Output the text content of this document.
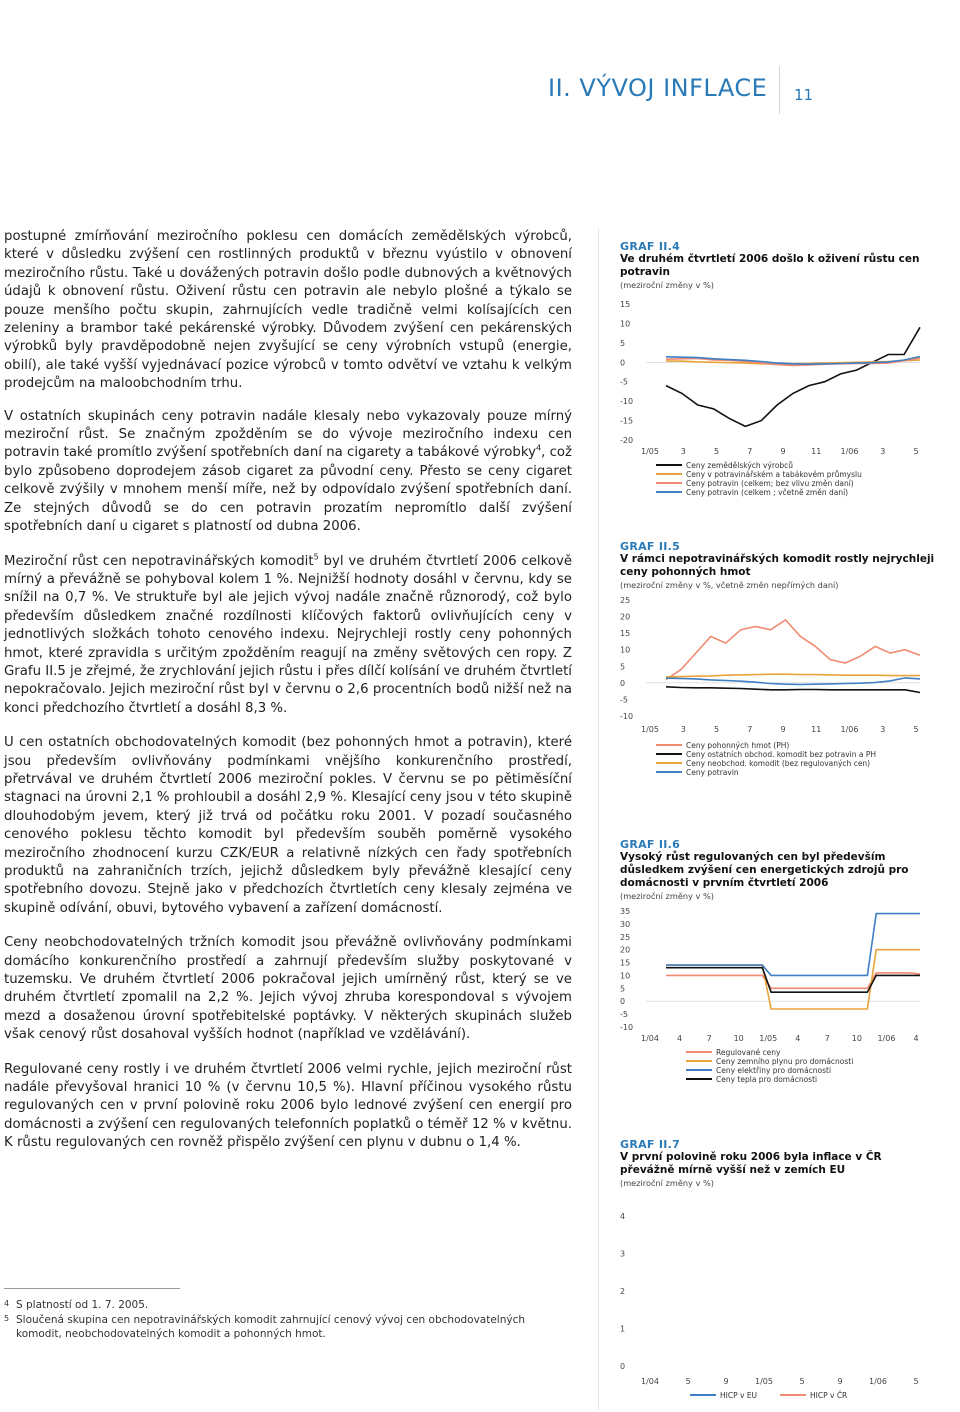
II. VÝVOJ INFLACE 11

postupné zmírňování meziročního poklesu cen domácích zemědělských výrobců, které v důsledku zvýšení cen rostlinných produktů v březnu vyústilo v obnovení meziročního růstu. Také u dovážených potravin došlo podle dubnových a květnových údajů k obnovení růstu. Oživení růstu cen potravin ale nebylo plošné a týkalo se pouze menšího počtu skupin, zahrnujících vedle tradičně velmi kolísajících cen zeleniny a brambor také pekárenské výrobky. Důvodem zvýšení cen pekárenských výrobků byly pravděpodobně nejen zvyšující se ceny výrobních vstupů (energie, obilí), ale také vyšší vyjednávací pozice výrobců v tomto odvětví ve vztahu k velkým prodejcům na maloobchodním trhu.

V ostatních skupinách ceny potravin nadále klesaly nebo vykazovaly pouze mírný meziroční růst. Se značným zpožděním se do vývoje meziročního indexu cen potravin také promítlo zvýšení spotřebních daní na cigarety a tabákové výrobky$^4$, což bylo způsobeno doprodejem zásob cigaret za původní ceny. Přesto se ceny cigaret celkově zvýšily v mnohem menší míře, než by odpovídalo zvýšení spotřebních daní. Ze stejných důvodů se do cen potravin prozatím nepromítlo další zvýšení spotřebních daní u cigaret s platností od dubna 2006.

Meziroční růst cen nepotravinářských komodit$^5$ byl ve druhém čtvrtletí 2006 celkově mírný a převážně se pohyboval kolem 1 %. Nejnižší hodnoty dosáhl v červnu, kdy se snížil na 0,7 %. Ve struktuře byl ale jejich vývoj nadále značně různorodý, což bylo především důsledkem značné rozdílnosti klíčových faktorů ovlivňujících ceny v jednotlivých složkách tohoto cenového indexu. Nejrychleji rostly ceny pohonných hmot, které zpravidla s určitým zpožděním reagují na změny světových cen ropy. Z Grafu II.5 je zřejmé, že zrychlování jejich růstu i přes dílčí kolísání ve druhém čtvrtletí nepokračovalo. Jejich meziroční růst byl v červnu o 2,6 procentních bodů nižší než na konci předchozího čtvrtletí a dosáhl 8,3 %.

U cen ostatních obchodovatelných komodit (bez pohonných hmot a potravin), které jsou především ovlivňovány podmínkami vnějšího konkurenčního prostředí, přetrvával ve druhém čtvrtletí 2006 meziroční pokles. V červnu se po pětiměsíční stagnaci na úrovni 2,1 % prohloubil a dosáhl 2,9 %. Klesající ceny jsou v této skupině dlouhodobým jevem, který již trvá od počátku roku 2001. V pozadí současného cenového poklesu těchto komodit byl především souběh poměrně vysokého meziročního zhodnocení kurzu CZK/EUR a relativně nízkých cen řady spotřebních produktů na zahraničních trzích, jejichž důsledkem byly převážně klesající ceny spotřebního dovozu. Stejně jako v předchozích čtvrtletích ceny klesaly zejména ve skupině odívání, obuvi, bytového vybavení a zařízení domácností.

Ceny neobchodovatelných tržních komodit jsou převážně ovlivňovány podmínkami domácího konkurenčního prostředí a zahrnují především služby poskytované v tuzemsku. Ve druhém čtvrtletí 2006 pokračoval jejich umírněný růst, který se ve druhém čtvrtletí zpomalil na 2,2 %. Jejich vývoj zhruba korespondoval s vývojem mezd a dosaženou úrovní spotřebitelské poptávky. V některých skupinách služeb však cenový růst dosahoval vyšších hodnot (například ve vzdělávání).

Regulované ceny rostly i ve druhém čtvrtletí 2006 velmi rychle, jejich meziroční růst nadále převyšoval hranici 10 % (v červnu 10,5 %). Hlavní příčinou vysokého růstu regulovaných cen v první polovině roku 2006 bylo lednové zvýšení cen energií pro domácnosti a zvýšení cen regulovaných telefonních poplatků o téměř 12 % v květnu. K růstu regulovaných cen rovněž přispělo zvýšení cen plynu v dubnu o 1,4 %.

4 S platností od 1. 7. 2005.
5 Sloučená skupina cen nepotravinářských komodit zahrnující cenový vývoj cen obchodovatelných komodit, neobchodovatelných komodit a pohonných hmot.
GRAF II.4
Ve druhém čtvrtletí 2006 došlo k oživení růstu cen potravin
(meziroční změny v %)
15
10
5
0
-5
-10
-15
-20
1/05	3	5	7	9	11 1/06	3	5
Ceny zemědělských výrobců
Ceny v potravinářském a tabákovém průmyslu
Ceny potravin (celkem; bez vlivu změn daní)
Ceny potravin (celkem ; včetně změn daní)
GRAF II.5
V rámci nepotravinářských komodit rostly nejrychleji ceny pohonných hmot
(meziroční změny v %, včetně změn nepřímých daní)
25
20
15
10
5
0
-5
-10
1/05	3	5	7	9	11 1/06	3	5
Ceny pohonných hmot (PH)
Ceny ostatních obchod. komodit bez potravin a PH
Ceny neobchod. komodit (bez regulovaných cen)
Ceny potravin
GRAF II.6
Vysoký růst regulovaných cen byl především důsledkem zvýšení cen energetických zdrojů pro domácnosti v prvním čtvrtletí 2006
(meziroční změny v %)
35
30
25
20
15
10
5
0
-5
-10
1/04 4	7	10 1/05 4	7	10 1/06 4
Regulované ceny
Ceny zemního plynu pro domácnosti
Ceny elektřiny pro domácnosti
Ceny tepla pro domácnosti
GRAF II.7
V první polovině roku 2006 byla inflace v ČR převážně mírně vyšší než v zemích EU
(meziroční změny v %)
4
3
2
1
0
1/04	5	9	1/05	5	9	1/06	5
HICP v EU	HICP v ČR
